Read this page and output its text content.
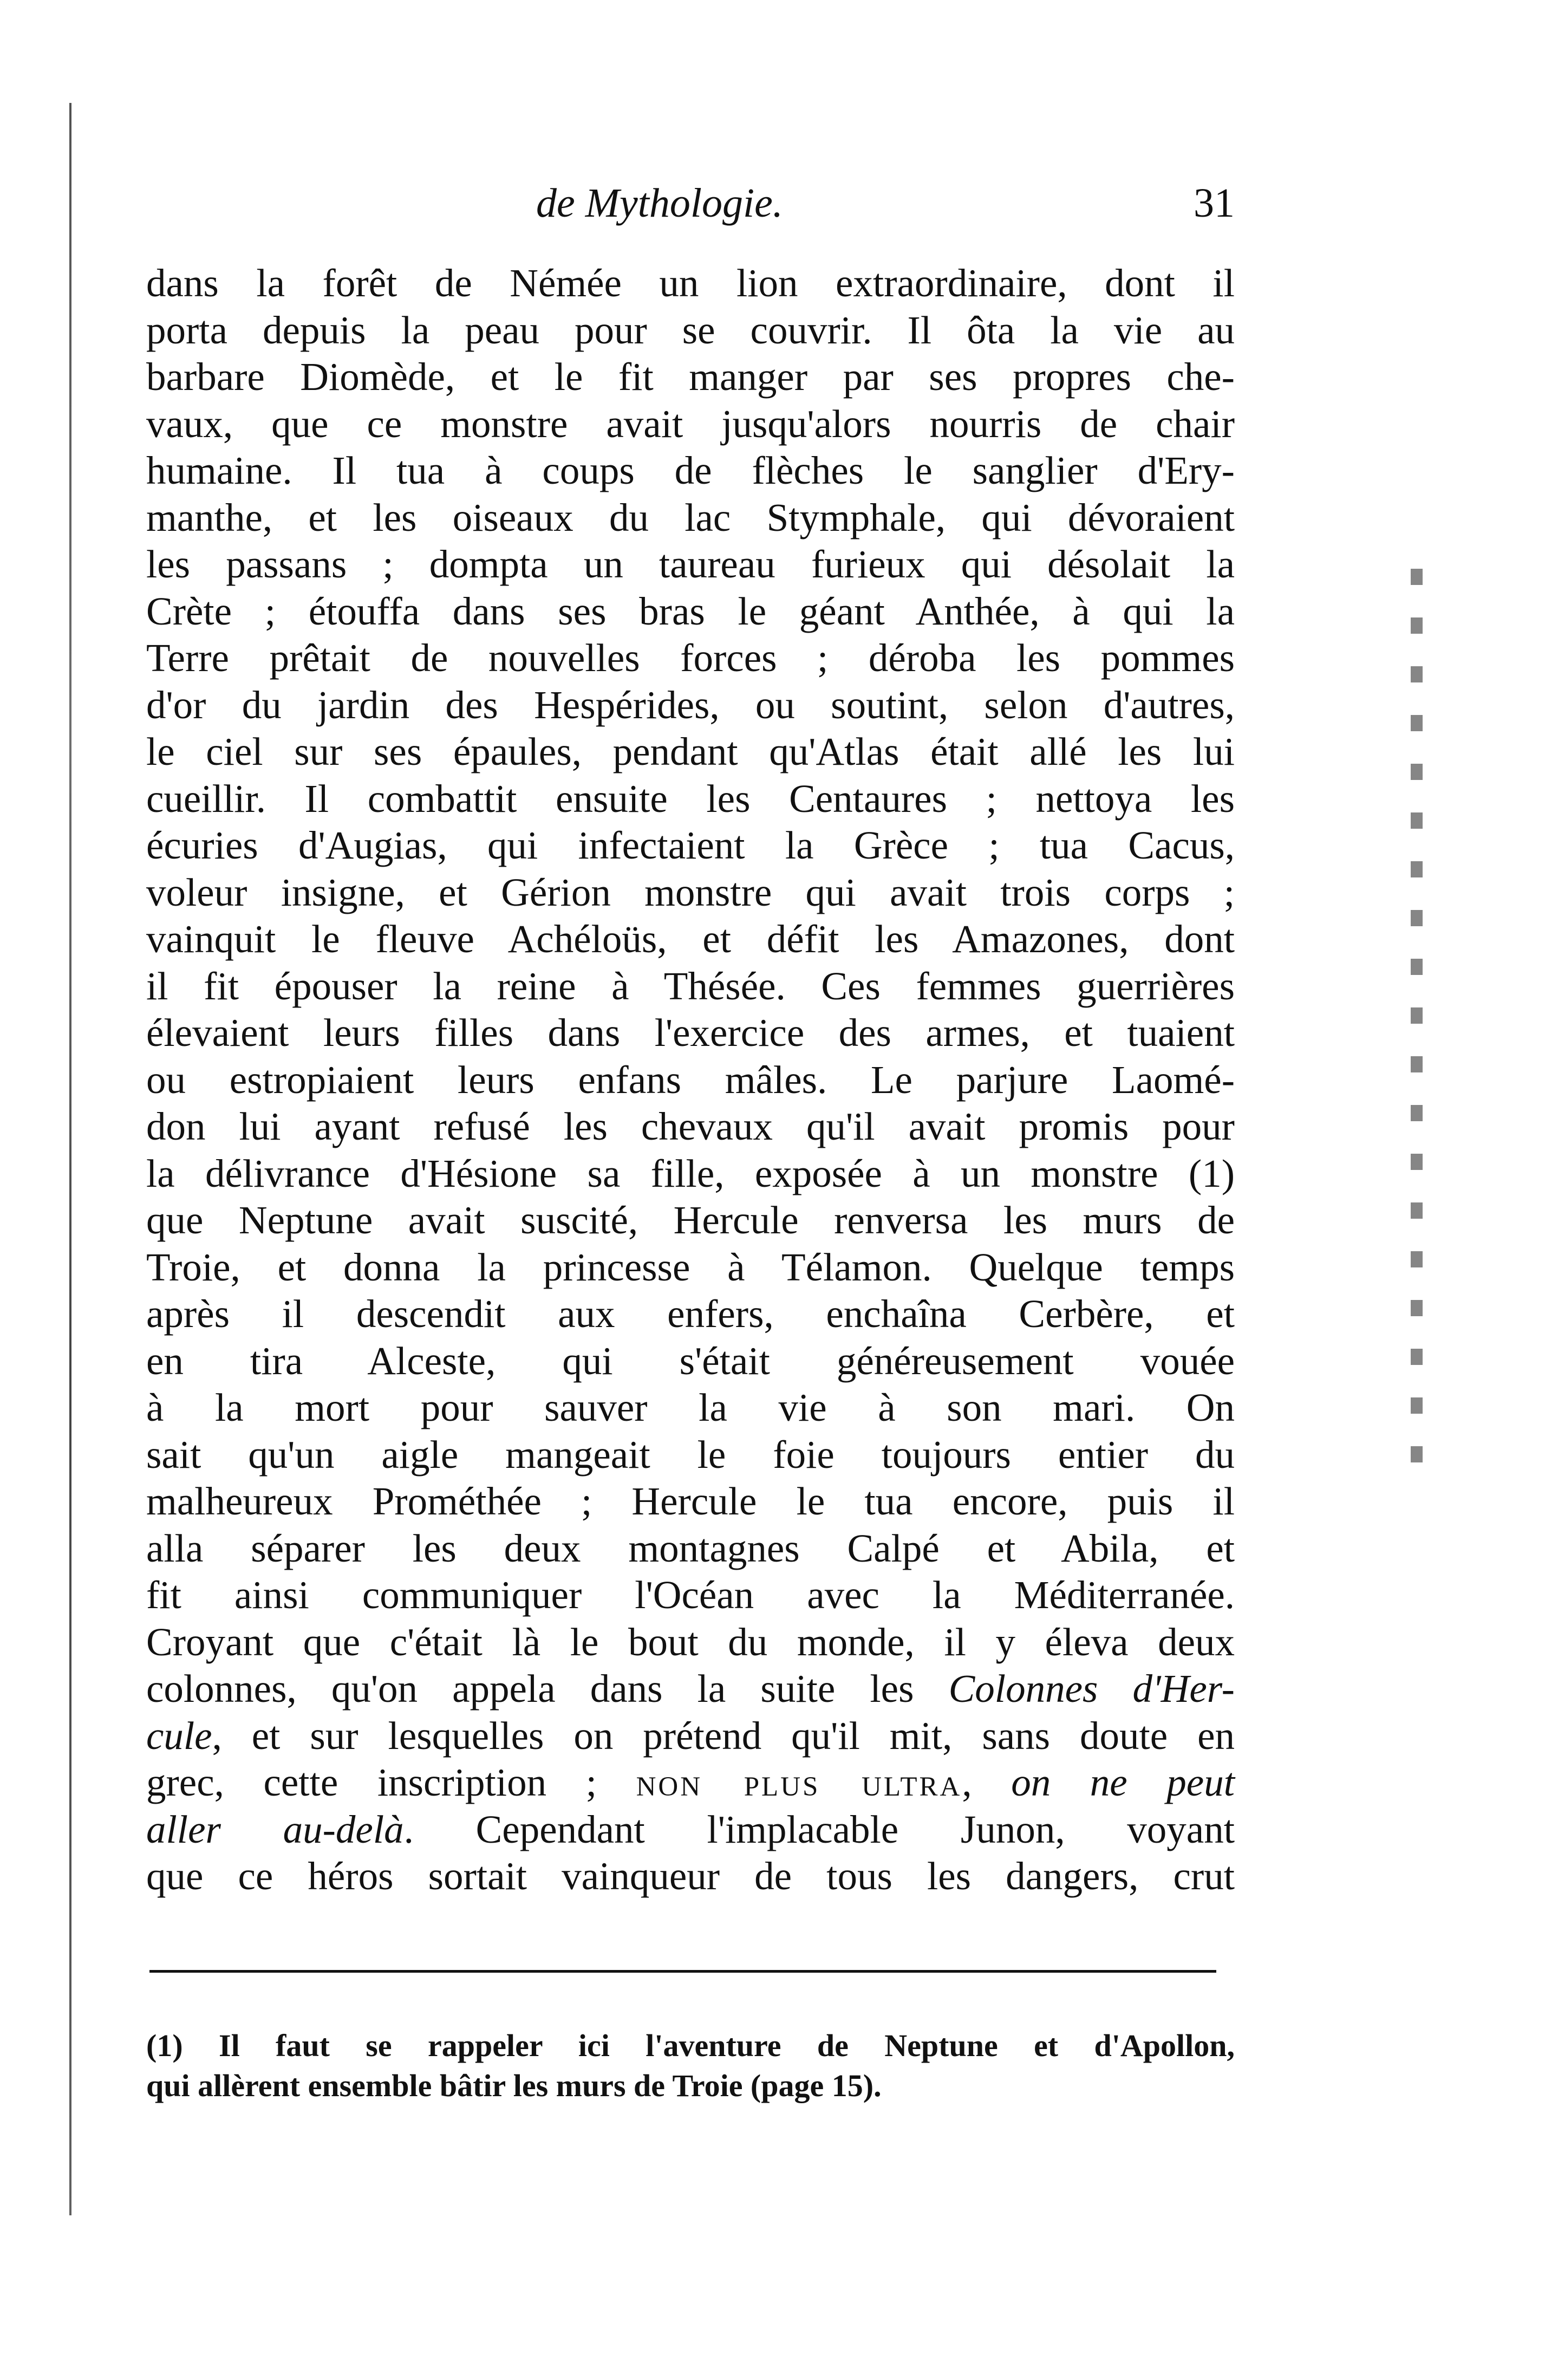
de Mythologie.	31
dans la forêt de Némée un lion extraordinaire, dont il
porta depuis la peau pour se couvrir. Il ôta la vie au
barbare Diomède, et le fit manger par ses propres che-
vaux, que ce monstre avait jusqu'alors nourris de chair
humaine. Il tua à coups de flèches le sanglier d'Ery-
manthe, et les oiseaux du lac Stymphale, qui dévoraient
les passans ; dompta un taureau furieux qui désolait la
Crète ; étouffa dans ses bras le géant Anthée, à qui la
Terre prêtait de nouvelles forces ; déroba les pommes
d'or du jardin des Hespérides, ou soutint, selon d'autres,
le ciel sur ses épaules, pendant qu'Atlas était allé les lui
cueillir. Il combattit ensuite les Centaures ; nettoya les
écuries d'Augias, qui infectaient la Grèce ; tua Cacus,
voleur insigne, et Gérion monstre qui avait trois corps ;
vainquit le fleuve Achéloüs, et défit les Amazones, dont
il fit épouser la reine à Thésée. Ces femmes guerrières
élevaient leurs filles dans l'exercice des armes, et tuaient
ou estropiaient leurs enfans mâles. Le parjure Laomé-
don lui ayant refusé les chevaux qu'il avait promis pour
la délivrance d'Hésione sa fille, exposée à un monstre (1)
que Neptune avait suscité, Hercule renversa les murs de
Troie, et donna la princesse à Télamon. Quelque temps
après il descendit aux enfers, enchaîna Cerbère, et
en tira Alceste, qui s'était généreusement vouée
à la mort pour sauver la vie à son mari. On
sait qu'un aigle mangeait le foie toujours entier du
malheureux Prométhée ; Hercule le tua encore, puis il
alla séparer les deux montagnes Calpé et Abila, et
fit ainsi communiquer l'Océan avec la Méditerranée.
Croyant que c'était là le bout du monde, il y éleva deux
colonnes, qu'on appela dans la suite les Colonnes d'Her-
cule, et sur lesquelles on prétend qu'il mit, sans doute en
grec, cette inscription ; non plus ultra, on ne peut
aller au-delà. Cependant l'implacable Junon, voyant
que ce héros sortait vainqueur de tous les dangers, crut
(1) Il faut se rappeler ici l'aventure de Neptune et d'Apollon,
qui allèrent ensemble bâtir les murs de Troie (page 15).
